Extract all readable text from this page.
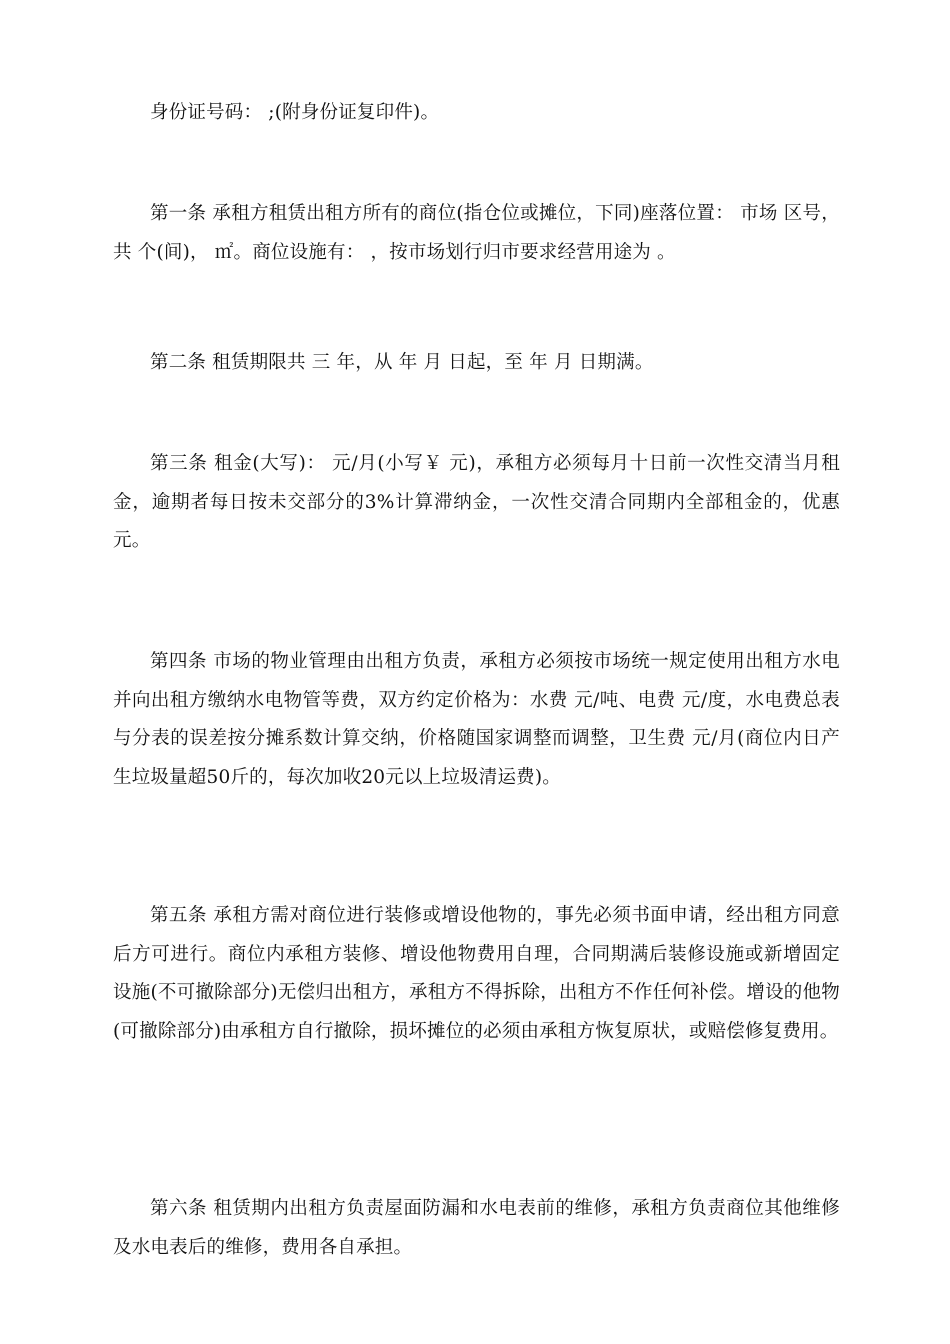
身份证号码： ;(附身份证复印件)。

第一条 承租方租赁出租方所有的商位(指仓位或摊位，下同)座落位置： 市场 区号，共 个(间)， ㎡。商位设施有： ，按市场划行归市要求经营用途为 。

第二条 租赁期限共 三 年，从 年 月 日起，至 年 月 日期满。

第三条 租金(大写)： 元/月(小写￥ 元)，承租方必须每月十日前一次性交清当月租金，逾期者每日按未交部分的3%计算滞纳金，一次性交清合同期内全部租金的，优惠 元。

第四条 市场的物业管理由出租方负责，承租方必须按市场统一规定使用出租方水电并向出租方缴纳水电物管等费，双方约定价格为：水费 元/吨、电费 元/度，水电费总表与分表的误差按分摊系数计算交纳，价格随国家调整而调整，卫生费 元/月(商位内日产生垃圾量超50斤的，每次加收20元以上垃圾清运费)。

第五条 承租方需对商位进行装修或增设他物的，事先必须书面申请，经出租方同意后方可进行。商位内承租方装修、增设他物费用自理，合同期满后装修设施或新增固定设施(不可撤除部分)无偿归出租方，承租方不得拆除，出租方不作任何补偿。增设的他物(可撤除部分)由承租方自行撤除，损坏摊位的必须由承租方恢复原状，或赔偿修复费用。

第六条 租赁期内出租方负责屋面防漏和水电表前的维修，承租方负责商位其他维修及水电表后的维修，费用各自承担。
